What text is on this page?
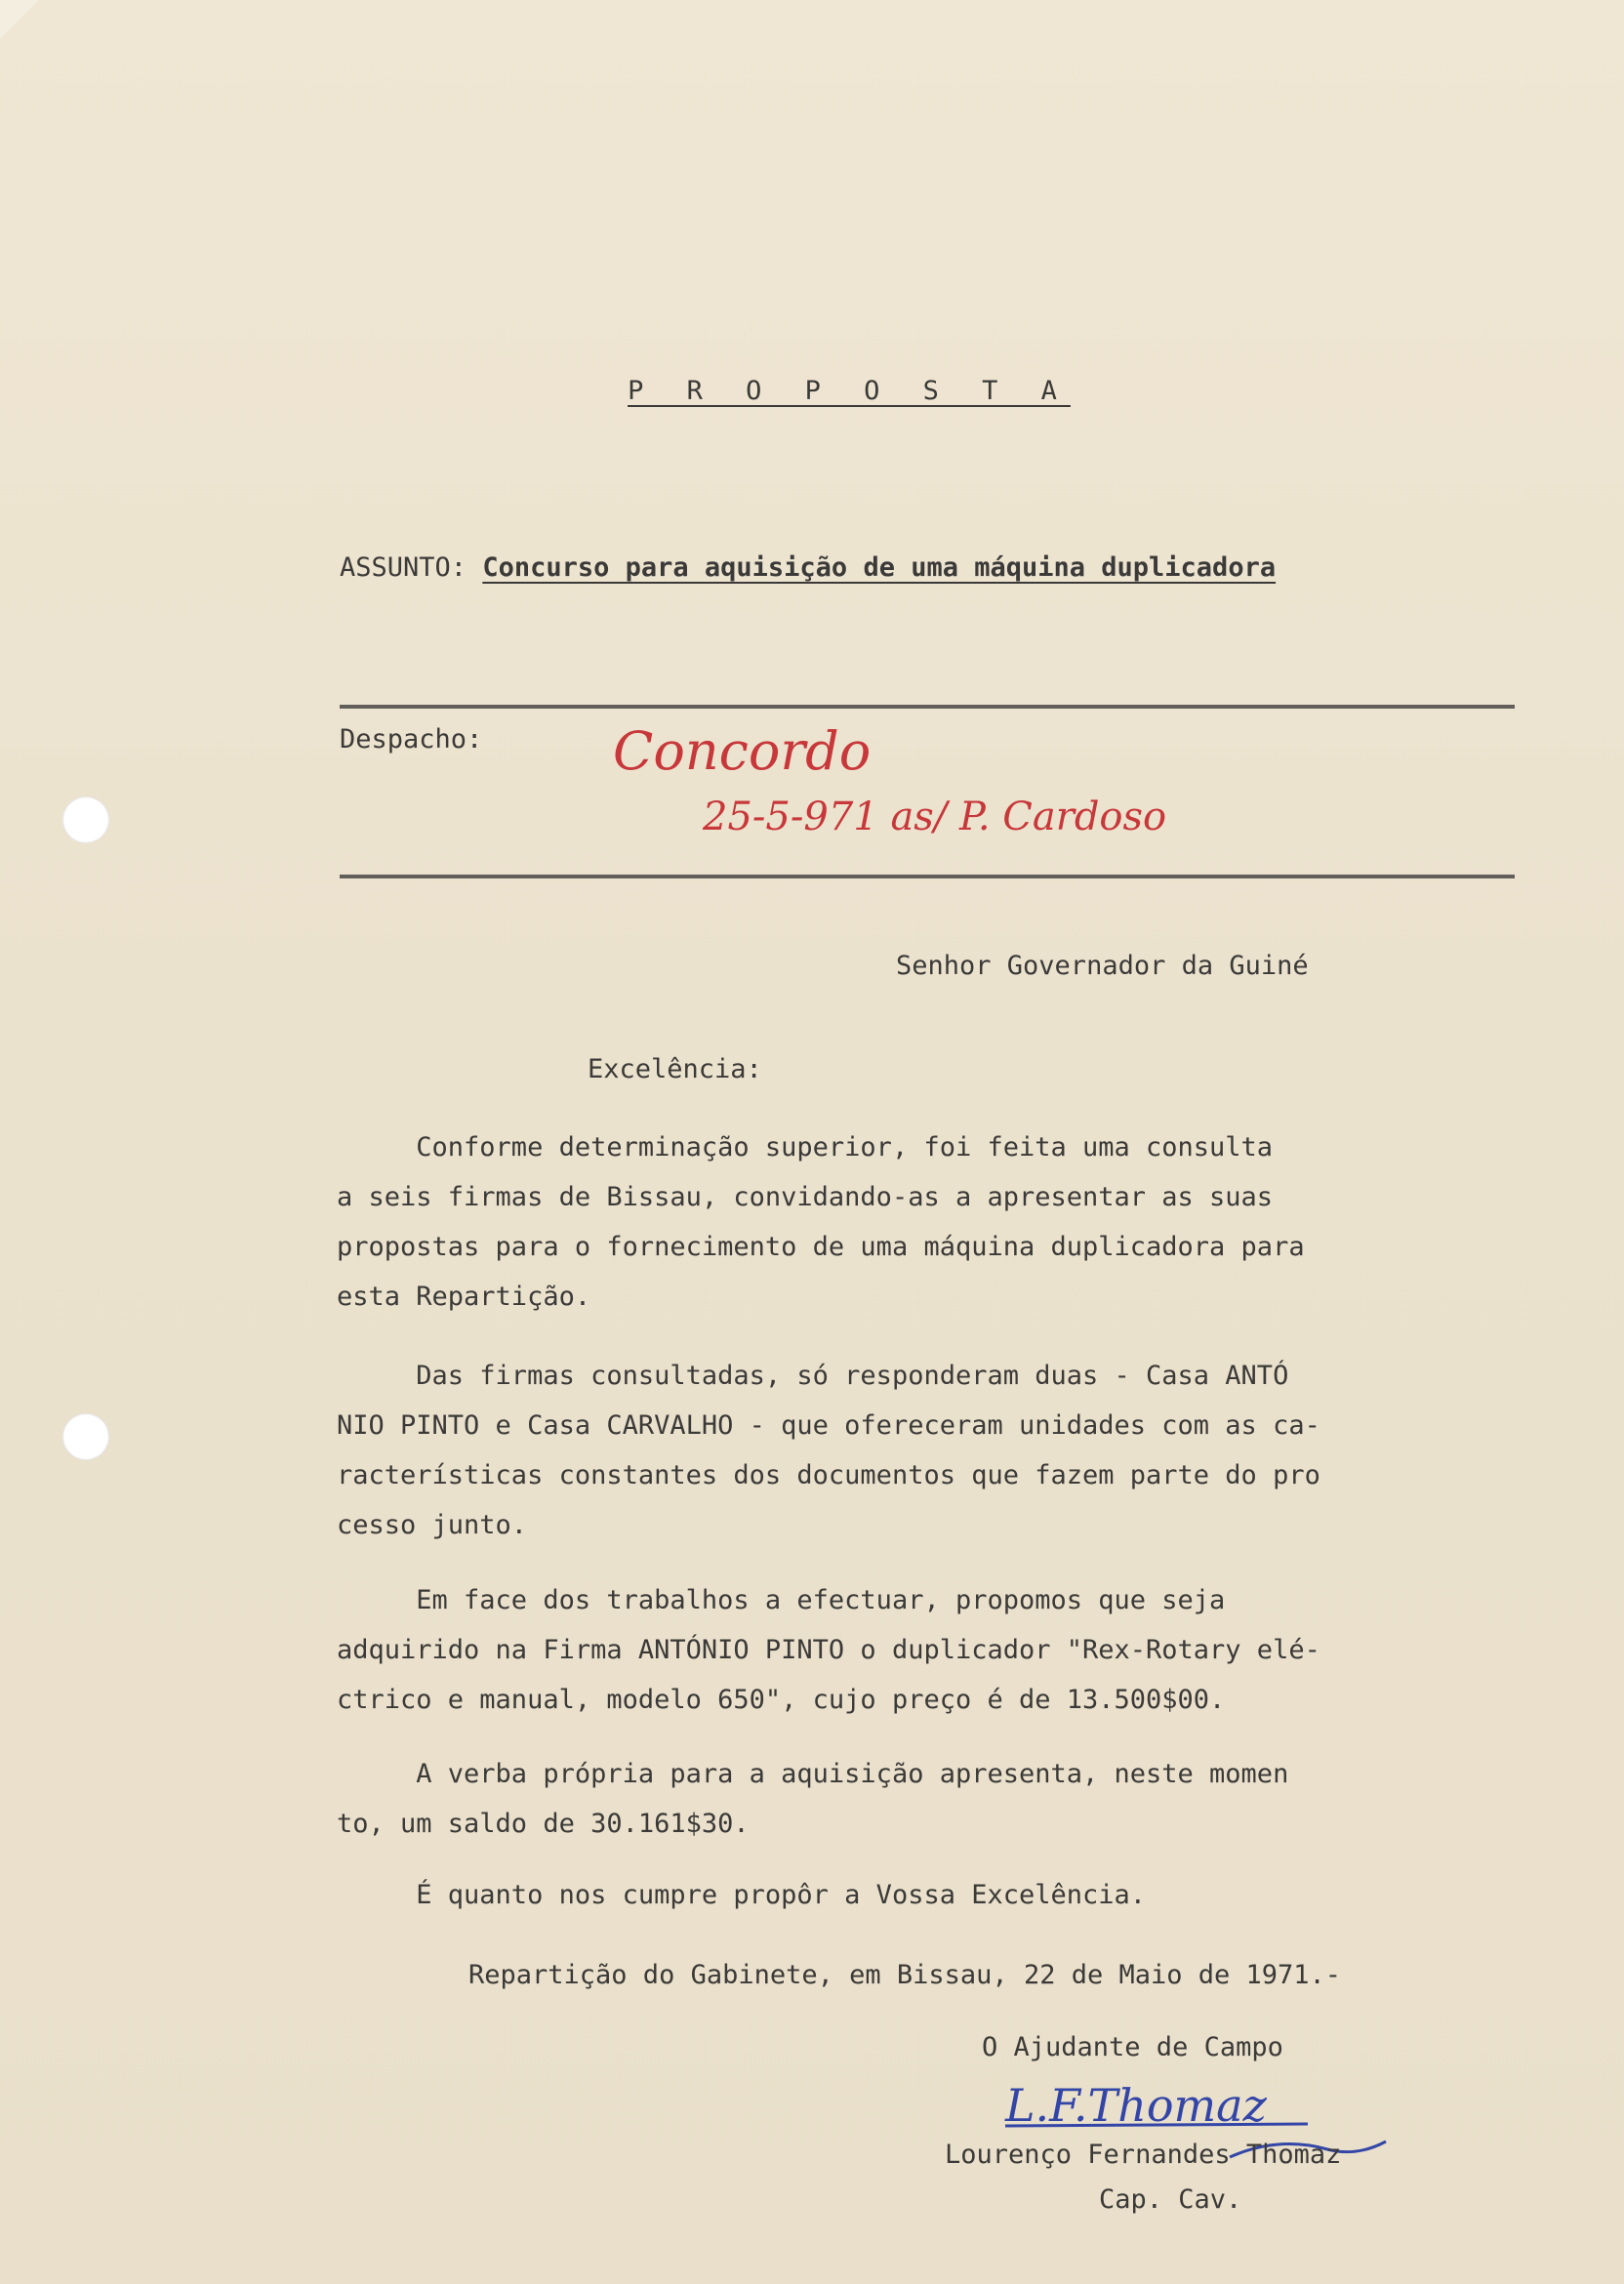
P R O P O S T A
ASSUNTO: Concurso para aquisição de uma máquina duplicadora
Despacho: Concordo
25-5-971 as/ P. Cardoso
Senhor Governador da Guiné
Excelência:
Conforme determinação superior, foi feita uma consulta
a seis firmas de Bissau, convidando-as a apresentar as suas
propostas para o fornecimento de uma máquina duplicadora para
esta Repartição.
Das firmas consultadas, só responderam duas - Casa ANTÓ
NIO PINTO e Casa CARVALHO - que ofereceram unidades com as ca-
racterísticas constantes dos documentos que fazem parte do pro
cesso junto.
Em face dos trabalhos a efectuar, propomos que seja
adquirido na Firma ANTÓNIO PINTO o duplicador "Rex-Rotary elé-
ctrico e manual, modelo 650", cujo preço é de 13.500$00.
A verba própria para a aquisição apresenta, neste momen
to, um saldo de 30.161$30.
É quanto nos cumpre propôr a Vossa Excelência.
Repartição do Gabinete, em Bissau, 22 de Maio de 1971.-
O Ajudante de Campo
L.F.Thomaz
Lourenço Fernandes Thomaz
Cap. Cav.
